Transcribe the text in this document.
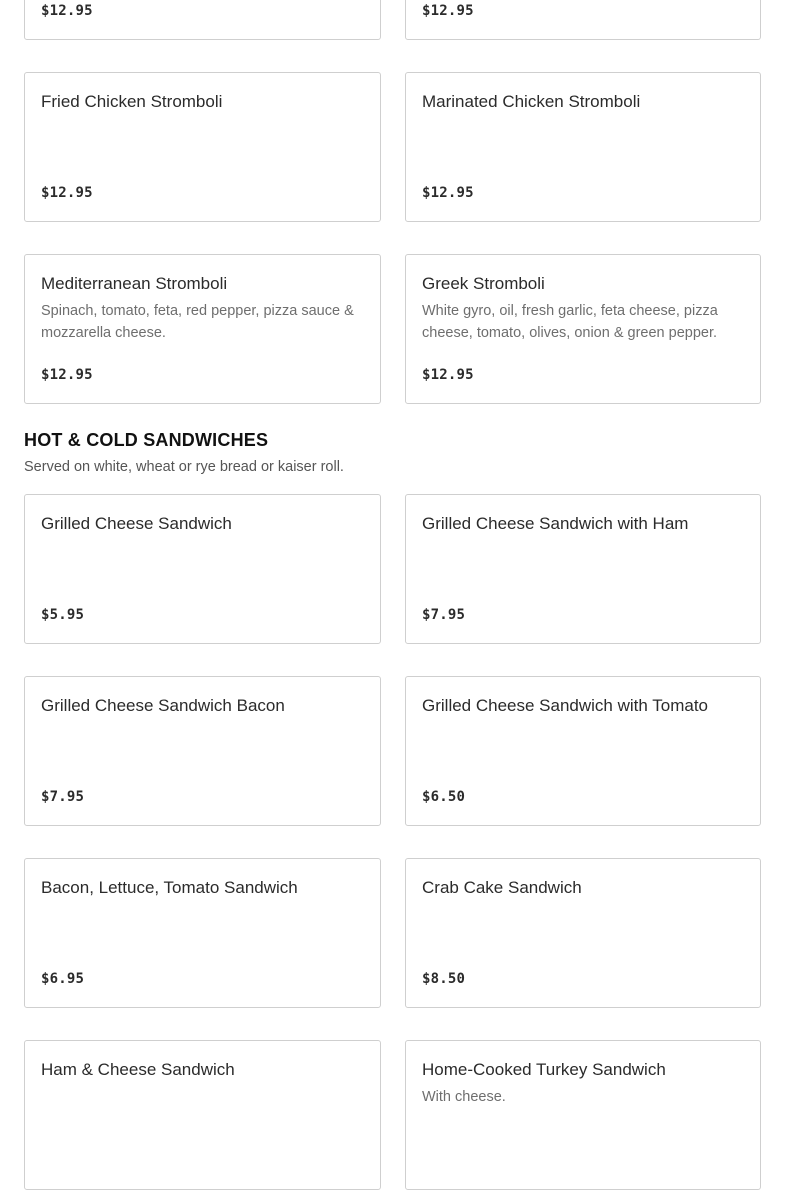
$12.95	$12.95
Fried Chicken Stromboli
$12.95
Marinated Chicken Stromboli
$12.95
Mediterranean Stromboli
Spinach, tomato, feta, red pepper, pizza sauce & mozzarella cheese.
$12.95
Greek Stromboli
White gyro, oil, fresh garlic, feta cheese, pizza cheese, tomato, olives, onion & green pepper.
$12.95
HOT & COLD SANDWICHES
Served on white, wheat or rye bread or kaiser roll.
Grilled Cheese Sandwich
$5.95
Grilled Cheese Sandwich with Ham
$7.95
Grilled Cheese Sandwich Bacon
$7.95
Grilled Cheese Sandwich with Tomato
$6.50
Bacon, Lettuce, Tomato Sandwich
$6.95
Crab Cake Sandwich
$8.50
Ham & Cheese Sandwich	Home-Cooked Turkey Sandwich
With cheese.
